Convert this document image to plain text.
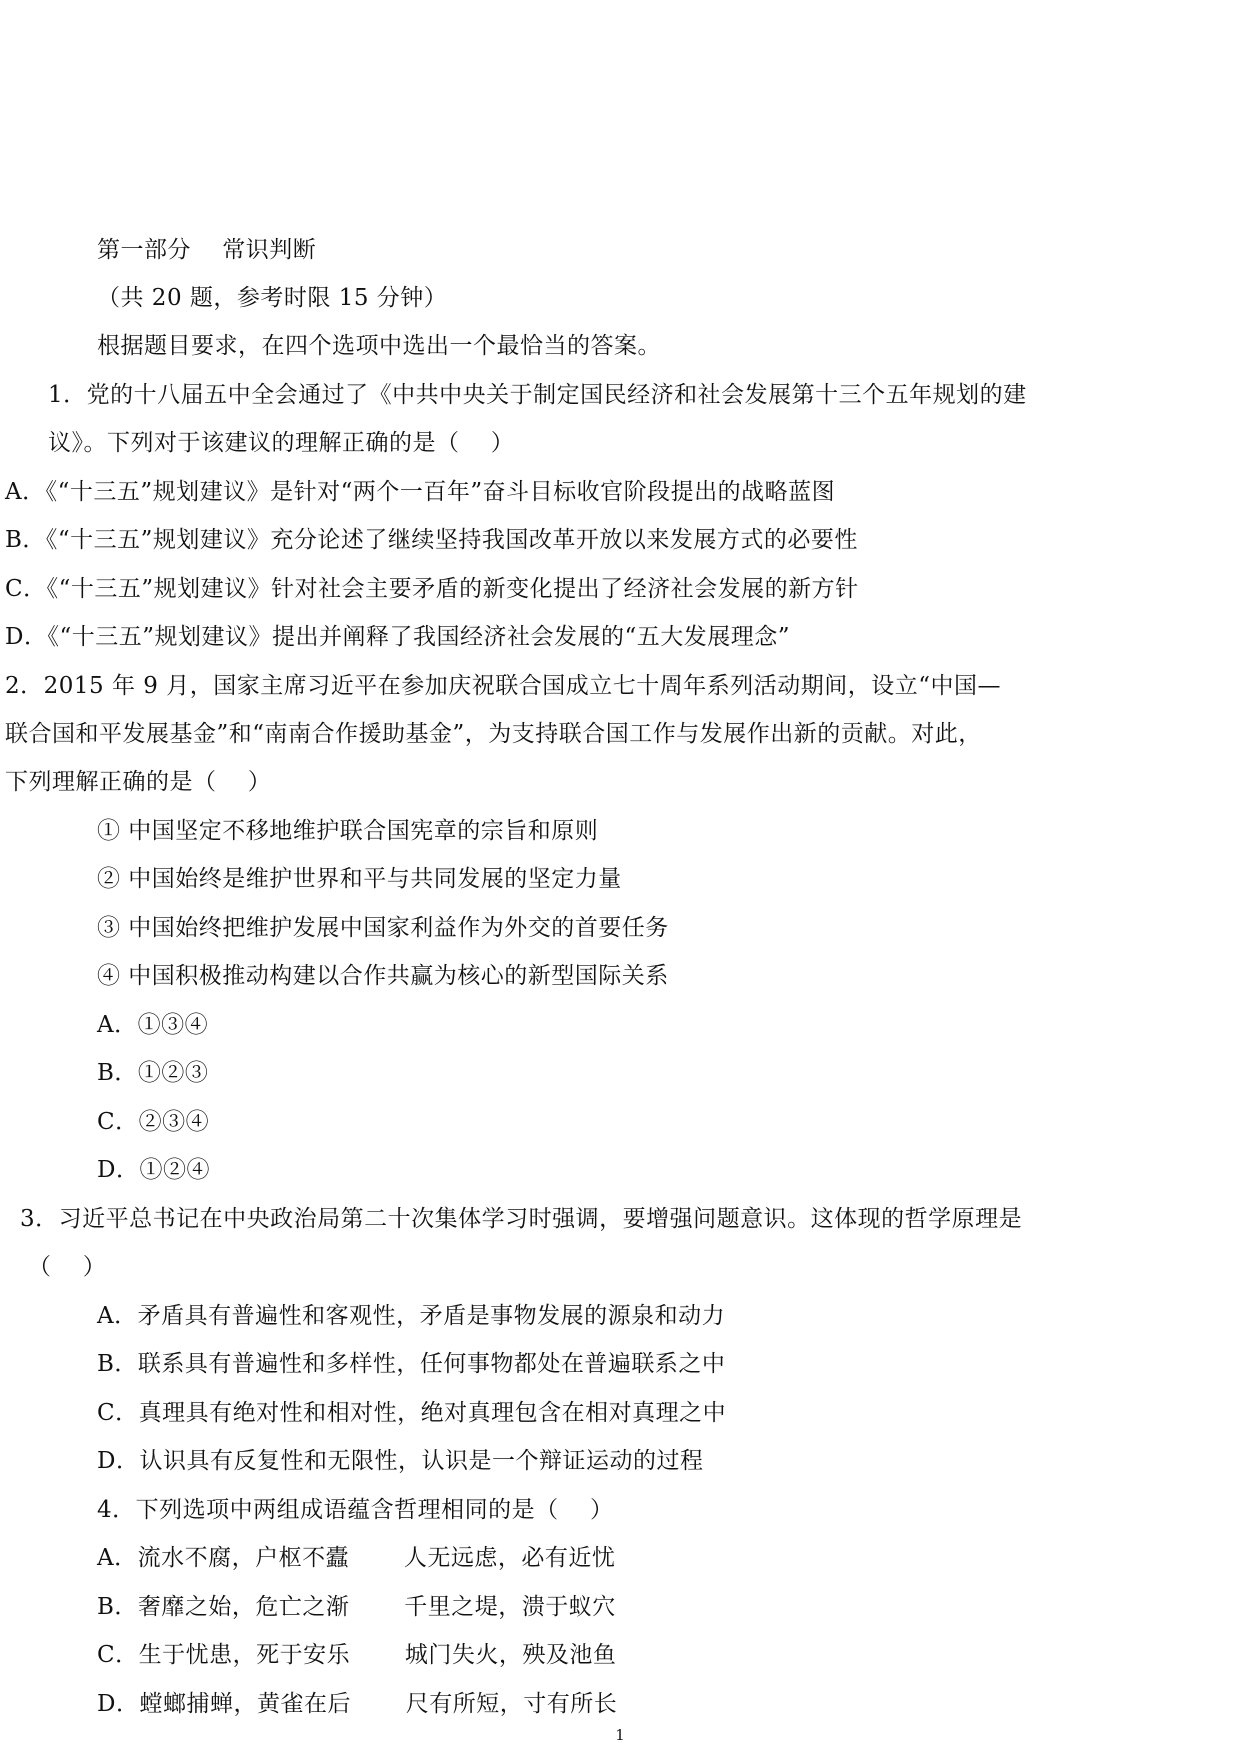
第一部分　 常识判断
（共 20 题，参考时限 15 分钟）
根据题目要求，在四个选项中选出一个最恰当的答案。
1．党的十八届五中全会通过了《中共中央关于制定国民经济和社会发展第十三个五年规划的建
议》。下列对于该建议的理解正确的是（　 ）
A．《“十三五”规划建议》是针对“两个一百年”奋斗目标收官阶段提出的战略蓝图
B．《“十三五”规划建议》充分论述了继续坚持我国改革开放以来发展方式的必要性
C．《“十三五”规划建议》针对社会主要矛盾的新变化提出了经济社会发展的新方针
D．《“十三五”规划建议》提出并阐释了我国经济社会发展的“五大发展理念”
2．2015 年 9 月，国家主席习近平在参加庆祝联合国成立七十周年系列活动期间，设立“中国—
联合国和平发展基金”和“南南合作援助基金”，为支持联合国工作与发展作出新的贡献。对此，
下列理解正确的是（　 ）
① 中国坚定不移地维护联合国宪章的宗旨和原则
② 中国始终是维护世界和平与共同发展的坚定力量
③ 中国始终把维护发展中国家利益作为外交的首要任务
④ 中国积极推动构建以合作共赢为核心的新型国际关系
A．①③④
B．①②③
C．②③④
D．①②④
3．习近平总书记在中央政治局第二十次集体学习时强调，要增强问题意识。这体现的哲学原理是
（　 ）
A．矛盾具有普遍性和客观性，矛盾是事物发展的源泉和动力
B．联系具有普遍性和多样性，任何事物都处在普遍联系之中
C．真理具有绝对性和相对性，绝对真理包含在相对真理之中
D．认识具有反复性和无限性，认识是一个辩证运动的过程
4．下列选项中两组成语蕴含哲理相同的是（　 ）
A．流水不腐，户枢不蠹　　 人无远虑，必有近忧
B．奢靡之始，危亡之渐　　 千里之堤，溃于蚁穴
C．生于忧患，死于安乐　　 城门失火，殃及池鱼
D．螳螂捕蝉，黄雀在后　　 尺有所短，寸有所长
1
